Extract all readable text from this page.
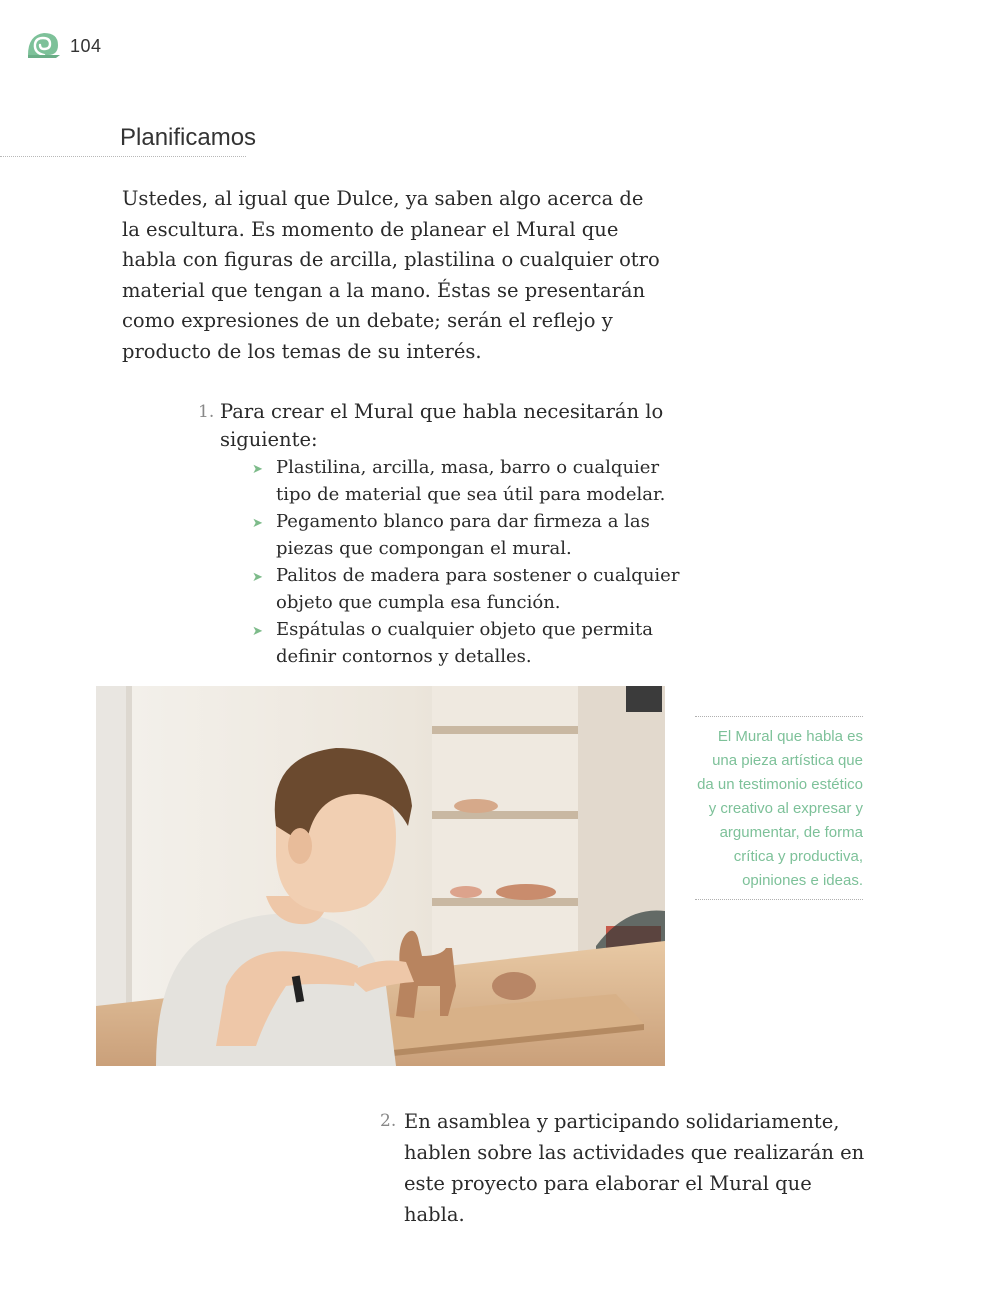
104
Planificamos

Ustedes, al igual que Dulce, ya saben algo acerca de la escultura. Es momento de planear el Mural que habla con figuras de arcilla, plastilina o cualquier otro material que tengan a la mano. Éstas se presentarán como expresiones de un debate; serán el reflejo y producto de los temas de su interés.

1. Para crear el Mural que habla necesitarán lo siguiente:
➤ Plastilina, arcilla, masa, barro o cualquier tipo de material que sea útil para modelar.
➤ Pegamento blanco para dar firmeza a las piezas que compongan el mural.
➤ Palitos de madera para sostener o cualquier objeto que cumpla esa función.
➤ Espátulas o cualquier objeto que permita definir contornos y detalles.

El Mural que habla es una pieza artística que da un testimonio estético y creativo al expresar y argumentar, de forma crítica y productiva, opiniones e ideas.

2. En asamblea y participando solidariamente, hablen sobre las actividades que realizarán en este proyecto para elaborar el Mural que habla.
